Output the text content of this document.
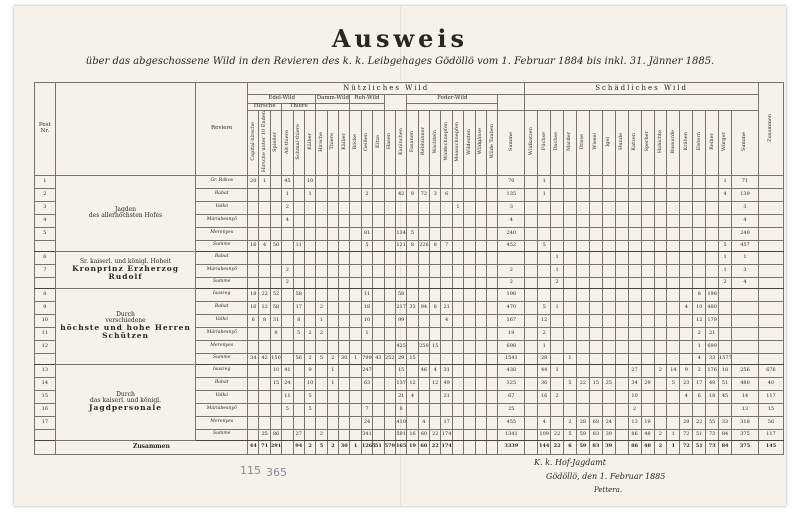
Ausweis
über das abgeschossene Wild in den Revieren des k. k. Leibgehages Gödöllö vom 1. Februar 1884 bis inkl. 31. Jänner 1885.
Post Nr.		Reviere	Nützliches Wild																							Schädliches Wild																	Zusammen
			Edel-Wild						Damm-Wild			Reh-Wild					Feder-Wild																										
			Hirsche			Thiere																																					
			Capital-hirsche	Hirsche unter 10 Enden	Spießer	Alt-thiere	Schmal-thiere	Kälber	Hirsche	Thiere	Kälber	Böcke	Geißen	Kitze	Hasen	Kaninchen	Fasanen	Rebhühner	Wachteln	Waldschnepfen	Moosschnepfen	Wildenten	Wildgänse	Wilde Tauben	Summe	Wildkatzen	Füchse	Dachse	Marder	Iltisse	Wiesel	Igel	Hunde	Katzen	Sperber	Habichte	Bussarde	Krähen	Elstern	Reiher	Würger	Summe	
1	Jagden
des allerhöchsten Hofes	Gr. Rákos	20	1		45		10																	70		1														1	71	
2		Babat				1		1					2			42	8	72	3	6					135		1														4	139	
3		Valkó				2															1				3																	3	
4		Máriabesnyő				4																			4																	4	
5		Merenyes											81			134	5								240																	240	
		Summe	16	4	50		11						5			121	8	226	8	7					452		5														5	457	
6	Sr. kaiserl. und königl. Hoheit
Kronprinz Erzherzog Rudolf	Babat																										1													1	1	
7		Máriabesnyő				2																			2			1													1	3	
		Summe				2																			2			2													2	4	
8	Durch
verschiedene
höchste und hohe Herren Schützen	Isaszeg	18	22	52		58						11			58									198														8	198			
9		Babat	16	12	58		17		2				18			217	33	94	8	21					470		5	1										4	10	480			
10		Valkó	6	8	31		8		1				10			99				4					167		12												12	179			
11		Máriabesnyő			9		5	2	2				1												19		2												2	21			
12		Merenyes														425		250	15						698		1												1	699			
		Summe	34	42	150		56	2	5	2	30	1	799	43	252	29	15								1541		28		1										4	33	1577		
13	Durch
das kaiserl. und königl.
Jagdpersonale	Isaszeg			10	41		9		1			247			15		46	4	31					438		44	1						27		2	14	9	2	176	18	256	676
14		Babat			15	24		10		1			63			137	12		12	49					325		36		5	22	15	25		34	29		5	23	17	49	51	480	40
15		Valkó				11		5								21	4			21					67		16	2						10				4	6	18	45	14	117
16		Máriabesnyő				5		5					7			8									25									2								13	15
17		Merenyes											24			410		4		17					455		4		2	28	68	24		13	19			29	22	55	33	318	56
		Summe		25	86		27		2				341			591	16	60	22	174					1341		109	22	5	59	83	39		86	48	2	1	72	51	73	84	375	117
	Zusammen		44	71	291		94	2	5	2	30	1	1265	51	579	165	19	60	22	174					3339		144	22	6	59	83	39		86	48	2	1	72	51	73	84	375	145
K. k. Hof-Jagdamt
Gödöllö, den 1. Februar 1885
Pettera.
115 365
